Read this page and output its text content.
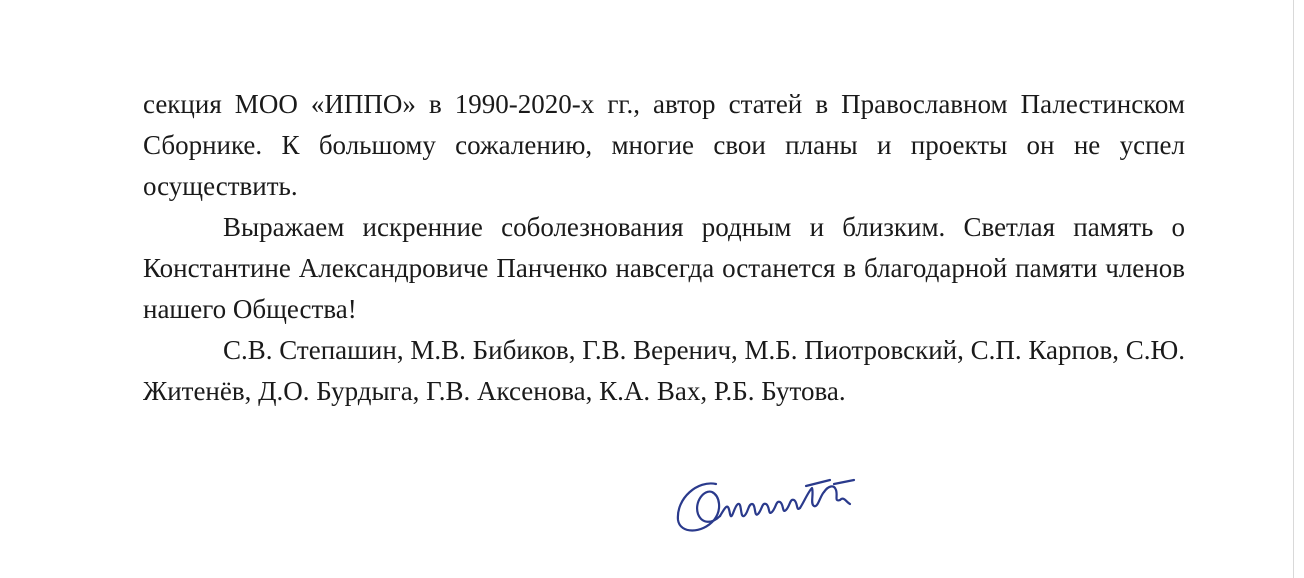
секция МОО «ИППО» в 1990-2020-х гг., автор статей в Православном Палестинском Сборнике. К большому сожалению, многие свои планы и проекты он не успел осуществить.

Выражаем искренние соболезнования родным и близким. Светлая память о Константине Александровиче Панченко навсегда останется в благодарной памяти членов нашего Общества!

С.В. Степашин, М.В. Бибиков, Г.В. Веренич, М.Б. Пиотровский, С.П. Карпов, С.Ю. Житенёв, Д.О. Бурдыга, Г.В. Аксенова, К.А. Вах, Р.Б. Бутова.
